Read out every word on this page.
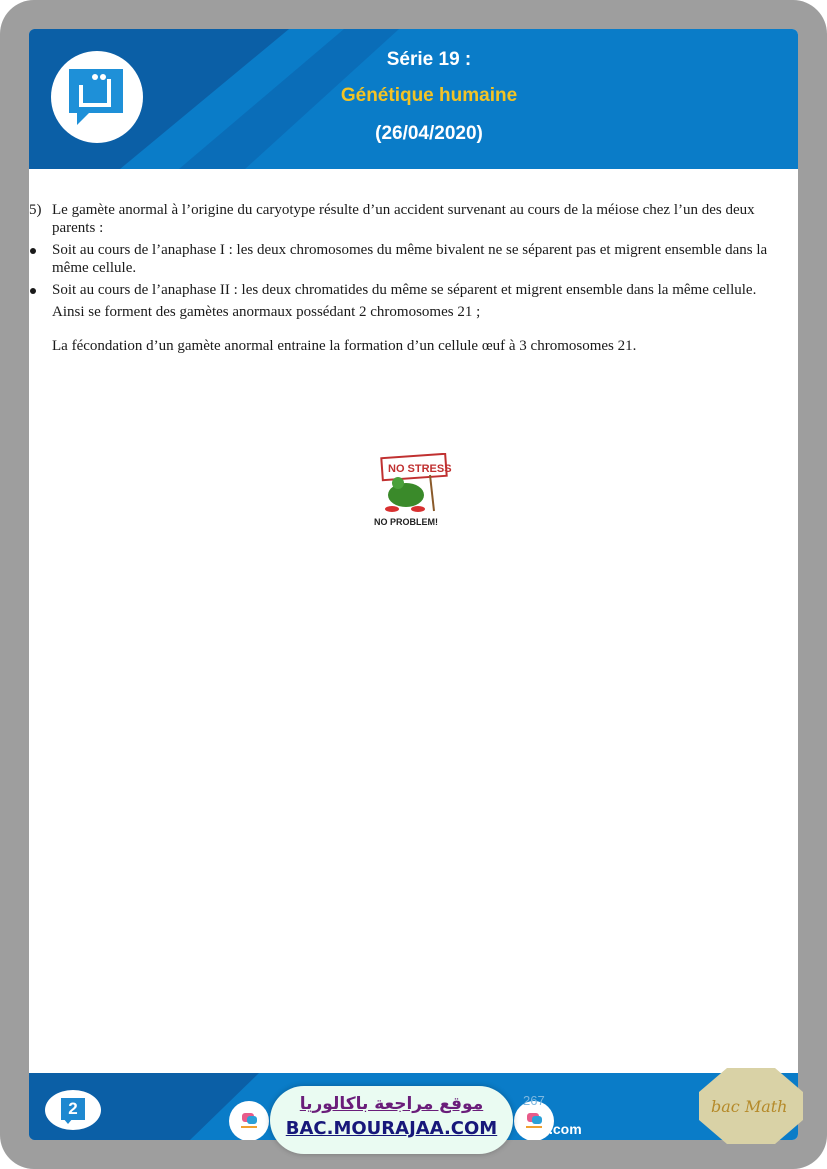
Série 19 :
Génétique humaine
(26/04/2020)
5) Le gamète anormal à l’origine du caryotype résulte d’un accident survenant au cours de la méiose chez l’un des deux parents :
Soit au cours de l’anaphase I : les deux chromosomes du même bivalent ne se séparent pas et migrent ensemble dans la même cellule.
Soit au cours de l’anaphase II : les deux chromatides du même se séparent et migrent ensemble dans la même cellule.
Ainsi se forment des gamètes anormaux possédant 2 chromosomes 21 ;
La fécondation d’un gamète anormal entraine la formation d’un cellule œuf à 3 chromosomes 21.
NO STRESS
NO PROBLEM!
2	267
.com
موقع مراجعة باكالوريا
BAC.MOURAJAA.COM
bac Math
